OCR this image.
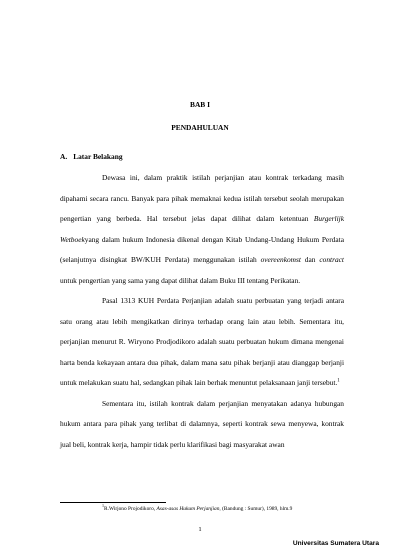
BAB I
PENDAHULUAN
A. Latar Belakang

Dewasa ini, dalam praktik istilah perjanjian atau kontrak terkadang masih dipahami secara rancu. Banyak para pihak memaknai kedua istilah tersebut seolah merupakan pengertian yang berbeda. Hal tersebut jelas dapat dilihat dalam ketentuan Burgerlijk Wetboekyang dalam hukum Indonesia dikenal dengan Kitab Undang-Undang Hukum Perdata (selanjutnya disingkat BW/KUH Perdata) menggunakan istilah overeenkomst dan contract untuk pengertian yang sama yang dapat dilihat dalam Buku III tentang Perikatan.

Pasal 1313 KUH Perdata Perjanjian adalah suatu perbuatan yang terjadi antara satu orang atau lebih mengikatkan dirinya terhadap orang lain atau lebih. Sementara itu, perjanjian menurut R. Wiryono Prodjodikoro adalah suatu perbuatan hukum dimana mengenai harta benda kekayaan antara dua pihak, dalam mana satu pihak berjanji atau dianggap berjanji untuk melakukan suatu hal, sedangkan pihak lain berhak menuntut pelaksanaan janji tersebut.$^1$

Sementara itu, istilah kontrak dalam perjanjian menyatakan adanya hubungan hukum antara para pihak yang terlibat di dalamnya, seperti kontrak sewa menyewa, kontrak jual beli, kontrak kerja, hampir tidak perlu klarifikasi bagi masyarakat awan

$^1$R.Wirjono Projodikoro, Asas-asas Hukum Perjanjian, (Bandung : Sumur), 1989, hlm.9
1
Universitas Sumatera Utara
